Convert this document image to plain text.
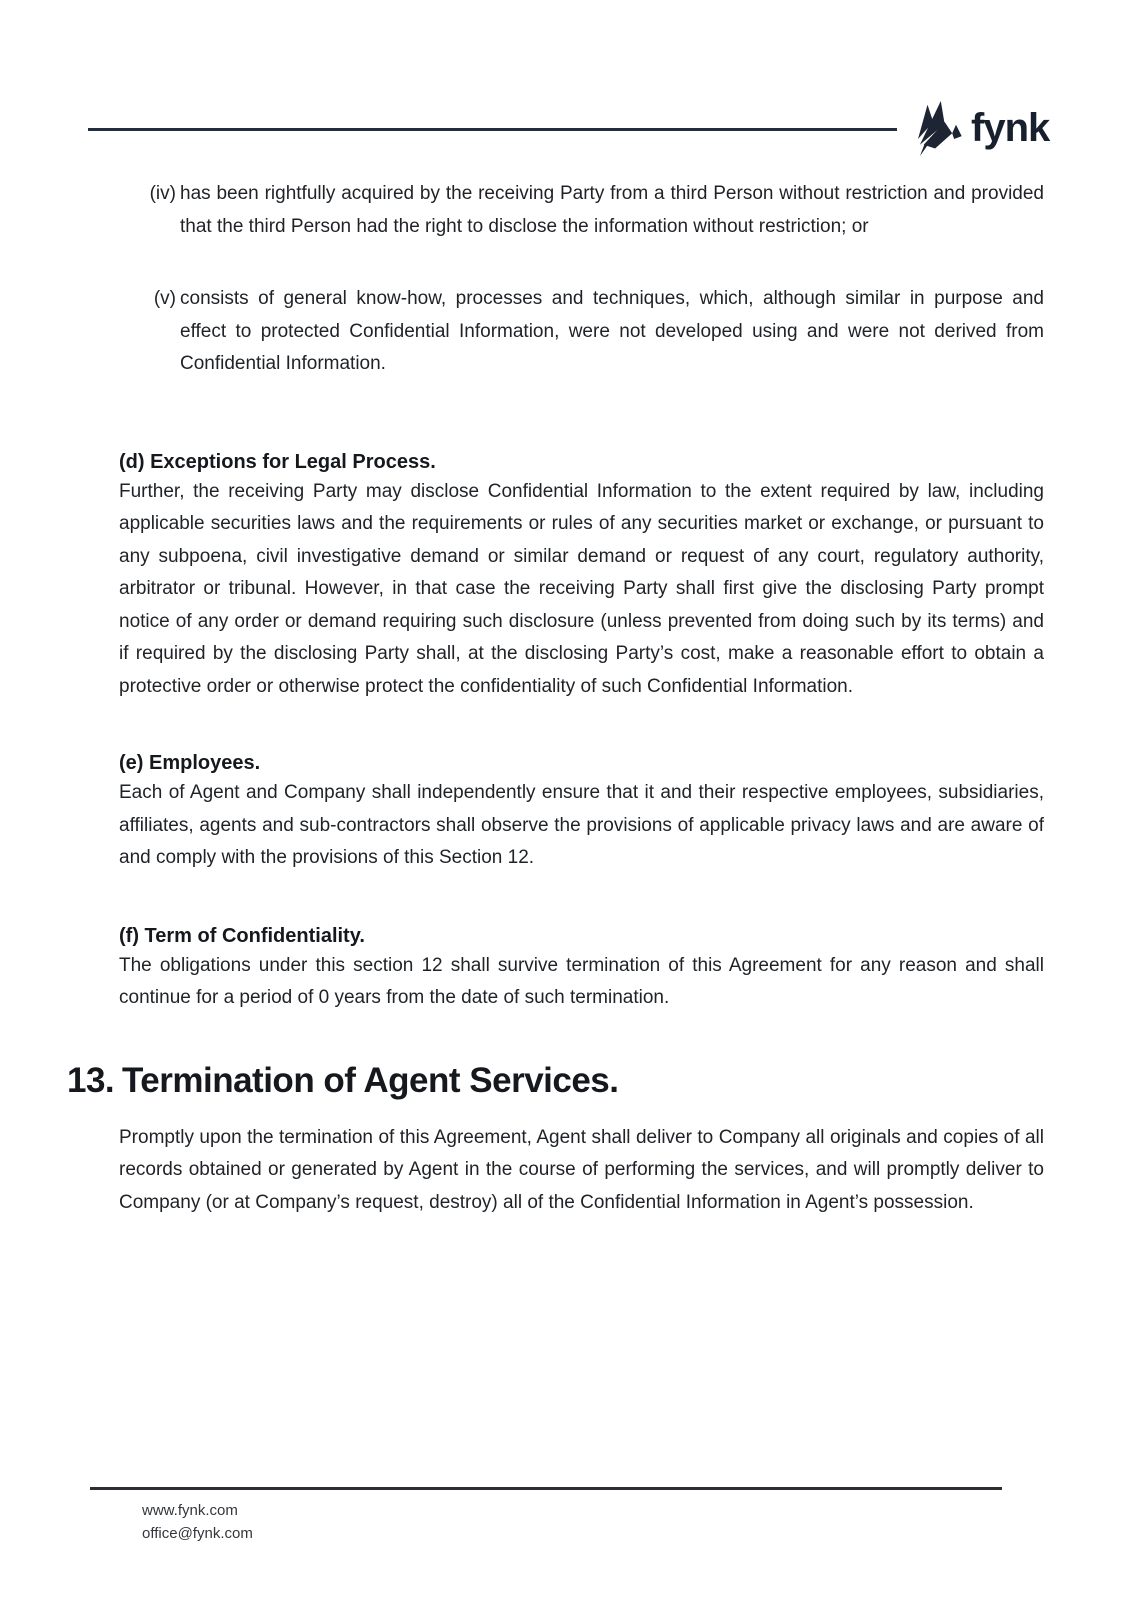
fynk
(iv) has been rightfully acquired by the receiving Party from a third Person without restriction and provided that the third Person had the right to disclose the information without restriction; or
(v) consists of general know-how, processes and techniques, which, although similar in purpose and effect to protected Confidential Information, were not developed using and were not derived from Confidential Information.
(d) Exceptions for Legal Process.

Further, the receiving Party may disclose Confidential Information to the extent required by law, including applicable securities laws and the requirements or rules of any securities market or exchange, or pursuant to any subpoena, civil investigative demand or similar demand or request of any court, regulatory authority, arbitrator or tribunal. However, in that case the receiving Party shall first give the disclosing Party prompt notice of any order or demand requiring such disclosure (unless prevented from doing such by its terms) and if required by the disclosing Party shall, at the disclosing Party’s cost, make a reasonable effort to obtain a protective order or otherwise protect the confidentiality of such Confidential Information.

(e) Employees.

Each of Agent and Company shall independently ensure that it and their respective employees, subsidiaries, affiliates, agents and sub-contractors shall observe the provisions of applicable privacy laws and are aware of and comply with the provisions of this Section 12.

(f) Term of Confidentiality.

The obligations under this section 12 shall survive termination of this Agreement for any reason and shall continue for a period of 0 years from the date of such termination.

13. Termination of Agent Services.

Promptly upon the termination of this Agreement, Agent shall deliver to Company all originals and copies of all records obtained or generated by Agent in the course of performing the services, and will promptly deliver to Company (or at Company’s request, destroy) all of the Confidential Information in Agent’s possession.

www.fynk.com
office@fynk.com
